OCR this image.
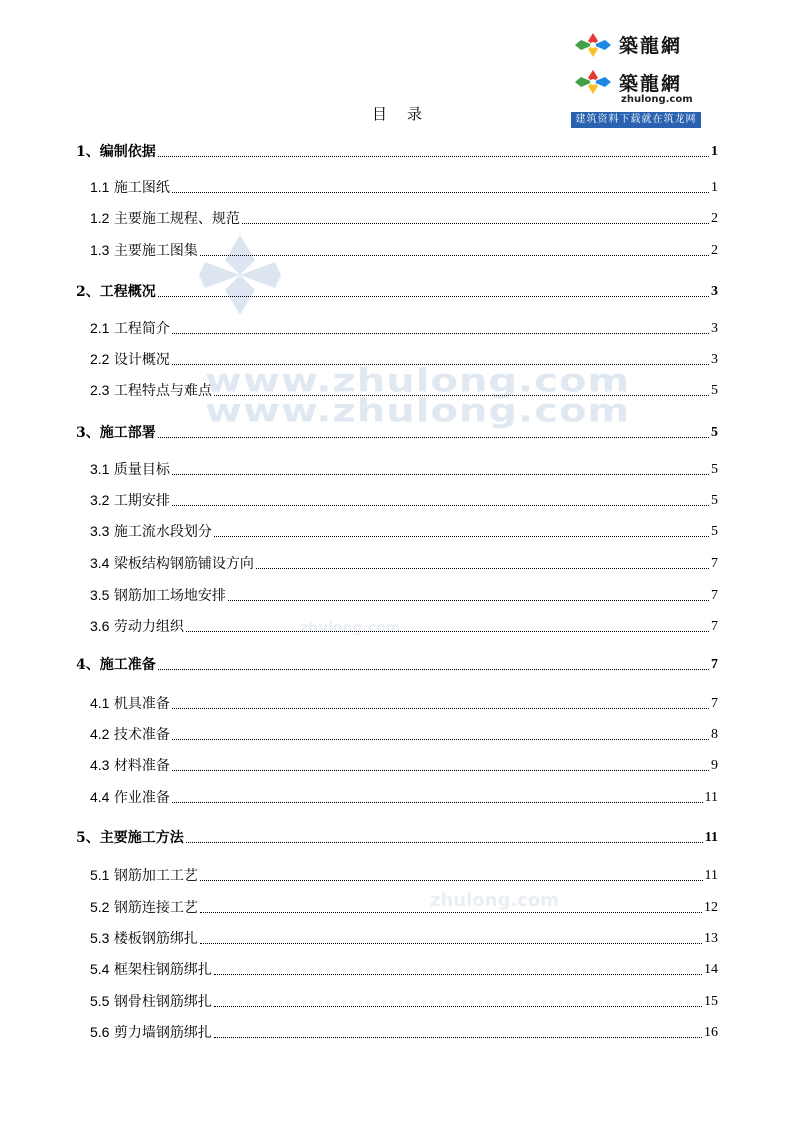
築龍網
築龍網
zhulong.com
建筑资料下载就在筑龙网
www.zhulong.com
www.zhulong.com
zhulong.com
zhulong.com
目录
1、编制依据	1
1.1 施工图纸	1
1.2 主要施工规程、规范	2
1.3 主要施工图集	2
2、工程概况	3
2.1 工程简介	3
2.2 设计概况	3
2.3 工程特点与难点	5
3、施工部署	5
3.1 质量目标	5
3.2 工期安排	5
3.3 施工流水段划分	5
3.4 梁板结构钢筋铺设方向	7
3.5 钢筋加工场地安排	7
3.6 劳动力组织	7
4、施工准备	7
4.1 机具准备	7
4.2 技术准备	8
4.3 材料准备	9
4.4 作业准备	11
5、主要施工方法	11
5.1 钢筋加工工艺	11
5.2 钢筋连接工艺	12
5.3 楼板钢筋绑扎	13
5.4 框架柱钢筋绑扎	14
5.5 钢骨柱钢筋绑扎	15
5.6 剪力墙钢筋绑扎	16
